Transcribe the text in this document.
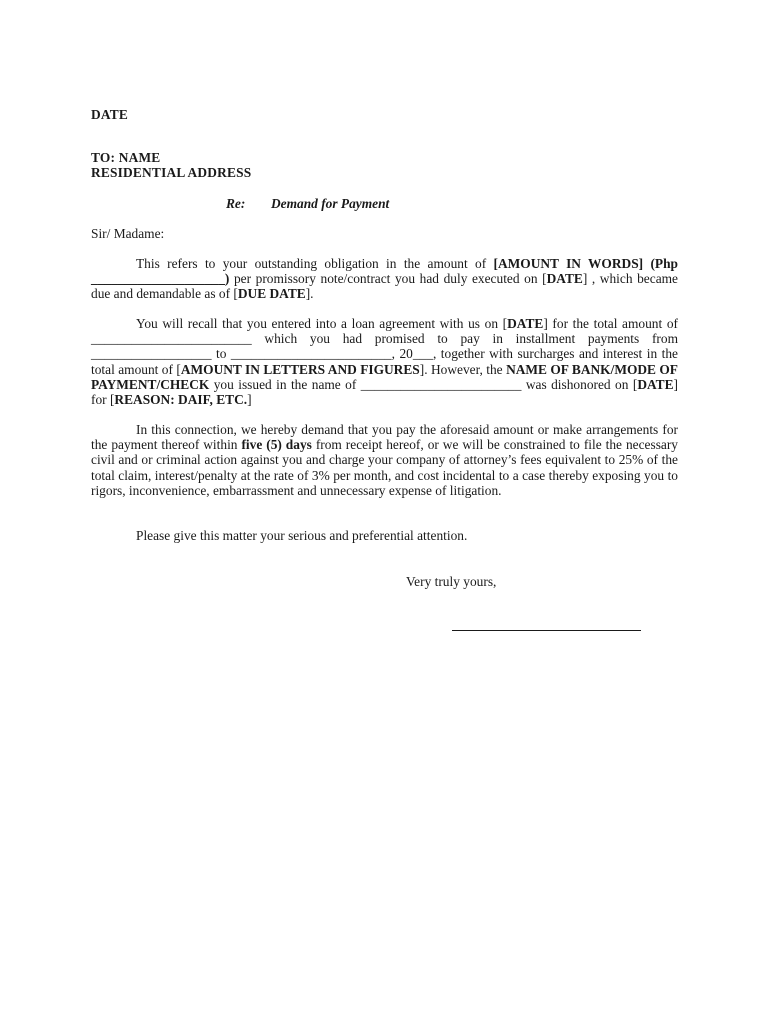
DATE
TO: NAME
RESIDENTIAL ADDRESS
Re: Demand for Payment
Sir/ Madame:

This refers to your outstanding obligation in the amount of [AMOUNT IN WORDS] (Php ____________________) per promissory note/contract you had duly executed on [DATE] , which became due and demandable as of [DUE DATE].

You will recall that you entered into a loan agreement with us on [DATE] for the total amount of ________________________ which you had promised to pay in installment payments from __________________ to ________________________, 20___, together with surcharges and interest in the total amount of [AMOUNT IN LETTERS AND FIGURES]. However, the NAME OF BANK/MODE OF PAYMENT/CHECK you issued in the name of ________________________ was dishonored on [DATE] for [REASON: DAIF, ETC.]

In this connection, we hereby demand that you pay the aforesaid amount or make arrangements for the payment thereof within five (5) days from receipt hereof, or we will be constrained to file the necessary civil and or criminal action against you and charge your company of attorney’s fees equivalent to 25% of the total claim, interest/penalty at the rate of 3% per month, and cost incidental to a case thereby exposing you to rigors, inconvenience, embarrassment and unnecessary expense of litigation.

Please give this matter your serious and preferential attention.

Very truly yours,
